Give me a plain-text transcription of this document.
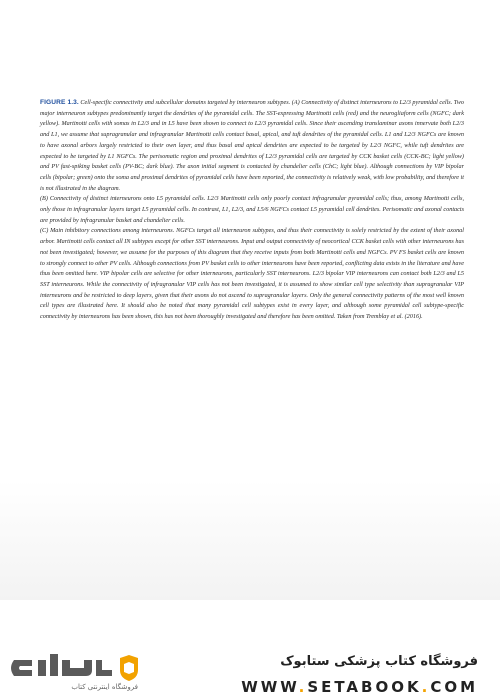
FIGURE 1.3. Cell-specific connectivity and subcellular domains targeted by interneuron subtypes. (A) Connectivity of distinct interneurons to L2/3 pyramidal cells. Two major interneuron subtypes predominantly target the dendrites of the pyramidal cells. The SST-expressing Martinotti cells (red) and the neurogliaform cells (NGFC; dark yellow). Martinotti cells with somas in L2/3 and in L5 have been shown to connect to L2/3 pyramidal cells. Since their ascending translaminar axons innervate both L2/3 and L1, we assume that supragranular and infragranular Martinotti cells contact basal, apical, and tuft dendrites of the pyramidal cells. L1 and L2/3 NGFCs are known to have axonal arbors largely restricted to their own layer, and thus basal and apical dendrites are expected to be targeted by L2/3 NGFC, while tuft dendrites are expected to be targeted by L1 NGFCs. The perisomatic region and proximal dendrites of L2/3 pyramidal cells are targeted by CCK basket cells (CCK-BC; light yellow) and PV fast-spiking basket cells (PV-BC; dark blue). The axon initial segment is contacted by chandelier cells (ChC; light blue). Although connections by VIP bipolar cells (bipolar; green) onto the soma and proximal dendrites of pyramidal cells have been reported, the connectivity is relatively weak, with low probability, and therefore it is not illustrated in the diagram.

(B) Connectivity of distinct interneurons onto L5 pyramidal cells. L2/3 Martinotti cells only poorly contact infragranular pyramidal cells; thus, among Martinotti cells, only those in infragranular layers target L5 pyramidal cells. In contrast, L1, L2/3, and L5/6 NGFCs contact L5 pyramidal cell dendrites. Perisomatic and axonal contacts are provided by infragranular basket and chandelier cells.

(C) Main inhibitory connections among interneurons. NGFCs target all interneuron subtypes, and thus their connectivity is solely restricted by the extent of their axonal arbor. Martinotti cells contact all IN subtypes except for other SST interneurons. Input and output connectivity of neocortical CCK basket cells with other interneurons has not been investigated; however, we assume for the purposes of this diagram that they receive inputs from both Martinotti cells and NGFCs. PV FS basket cells are known to strongly connect to other PV cells. Although connections from PV basket cells to other interneurons have been reported, conflicting data exists in the literature and have thus been omitted here. VIP bipolar cells are selective for other interneurons, particularly SST interneurons. L2/3 bipolar VIP interneurons can contact both L2/3 and L5 SST interneurons. While the connectivity of infragranular VIP cells has not been investigated, it is assumed to show similar cell type selectivity than supragranular VIP interneurons and be restricted to deep layers, given that their axons do not ascend to supragranular layers. Only the general connectivity patterns of the most well known cell types are illustrated here. It should also be noted that many pyramidal cell subtypes exist in every layer, and although some pyramidal cell subtype-specific connectivity by interneurons has been shown, this has not been thoroughly investigated and therefore has been omitted. Taken from Tremblay et al. (2016).

فروشگاه اینترنتی کتاب
فروشگاه کتاب پزشکی ستابوک
WWW.SETABOOK.COM
